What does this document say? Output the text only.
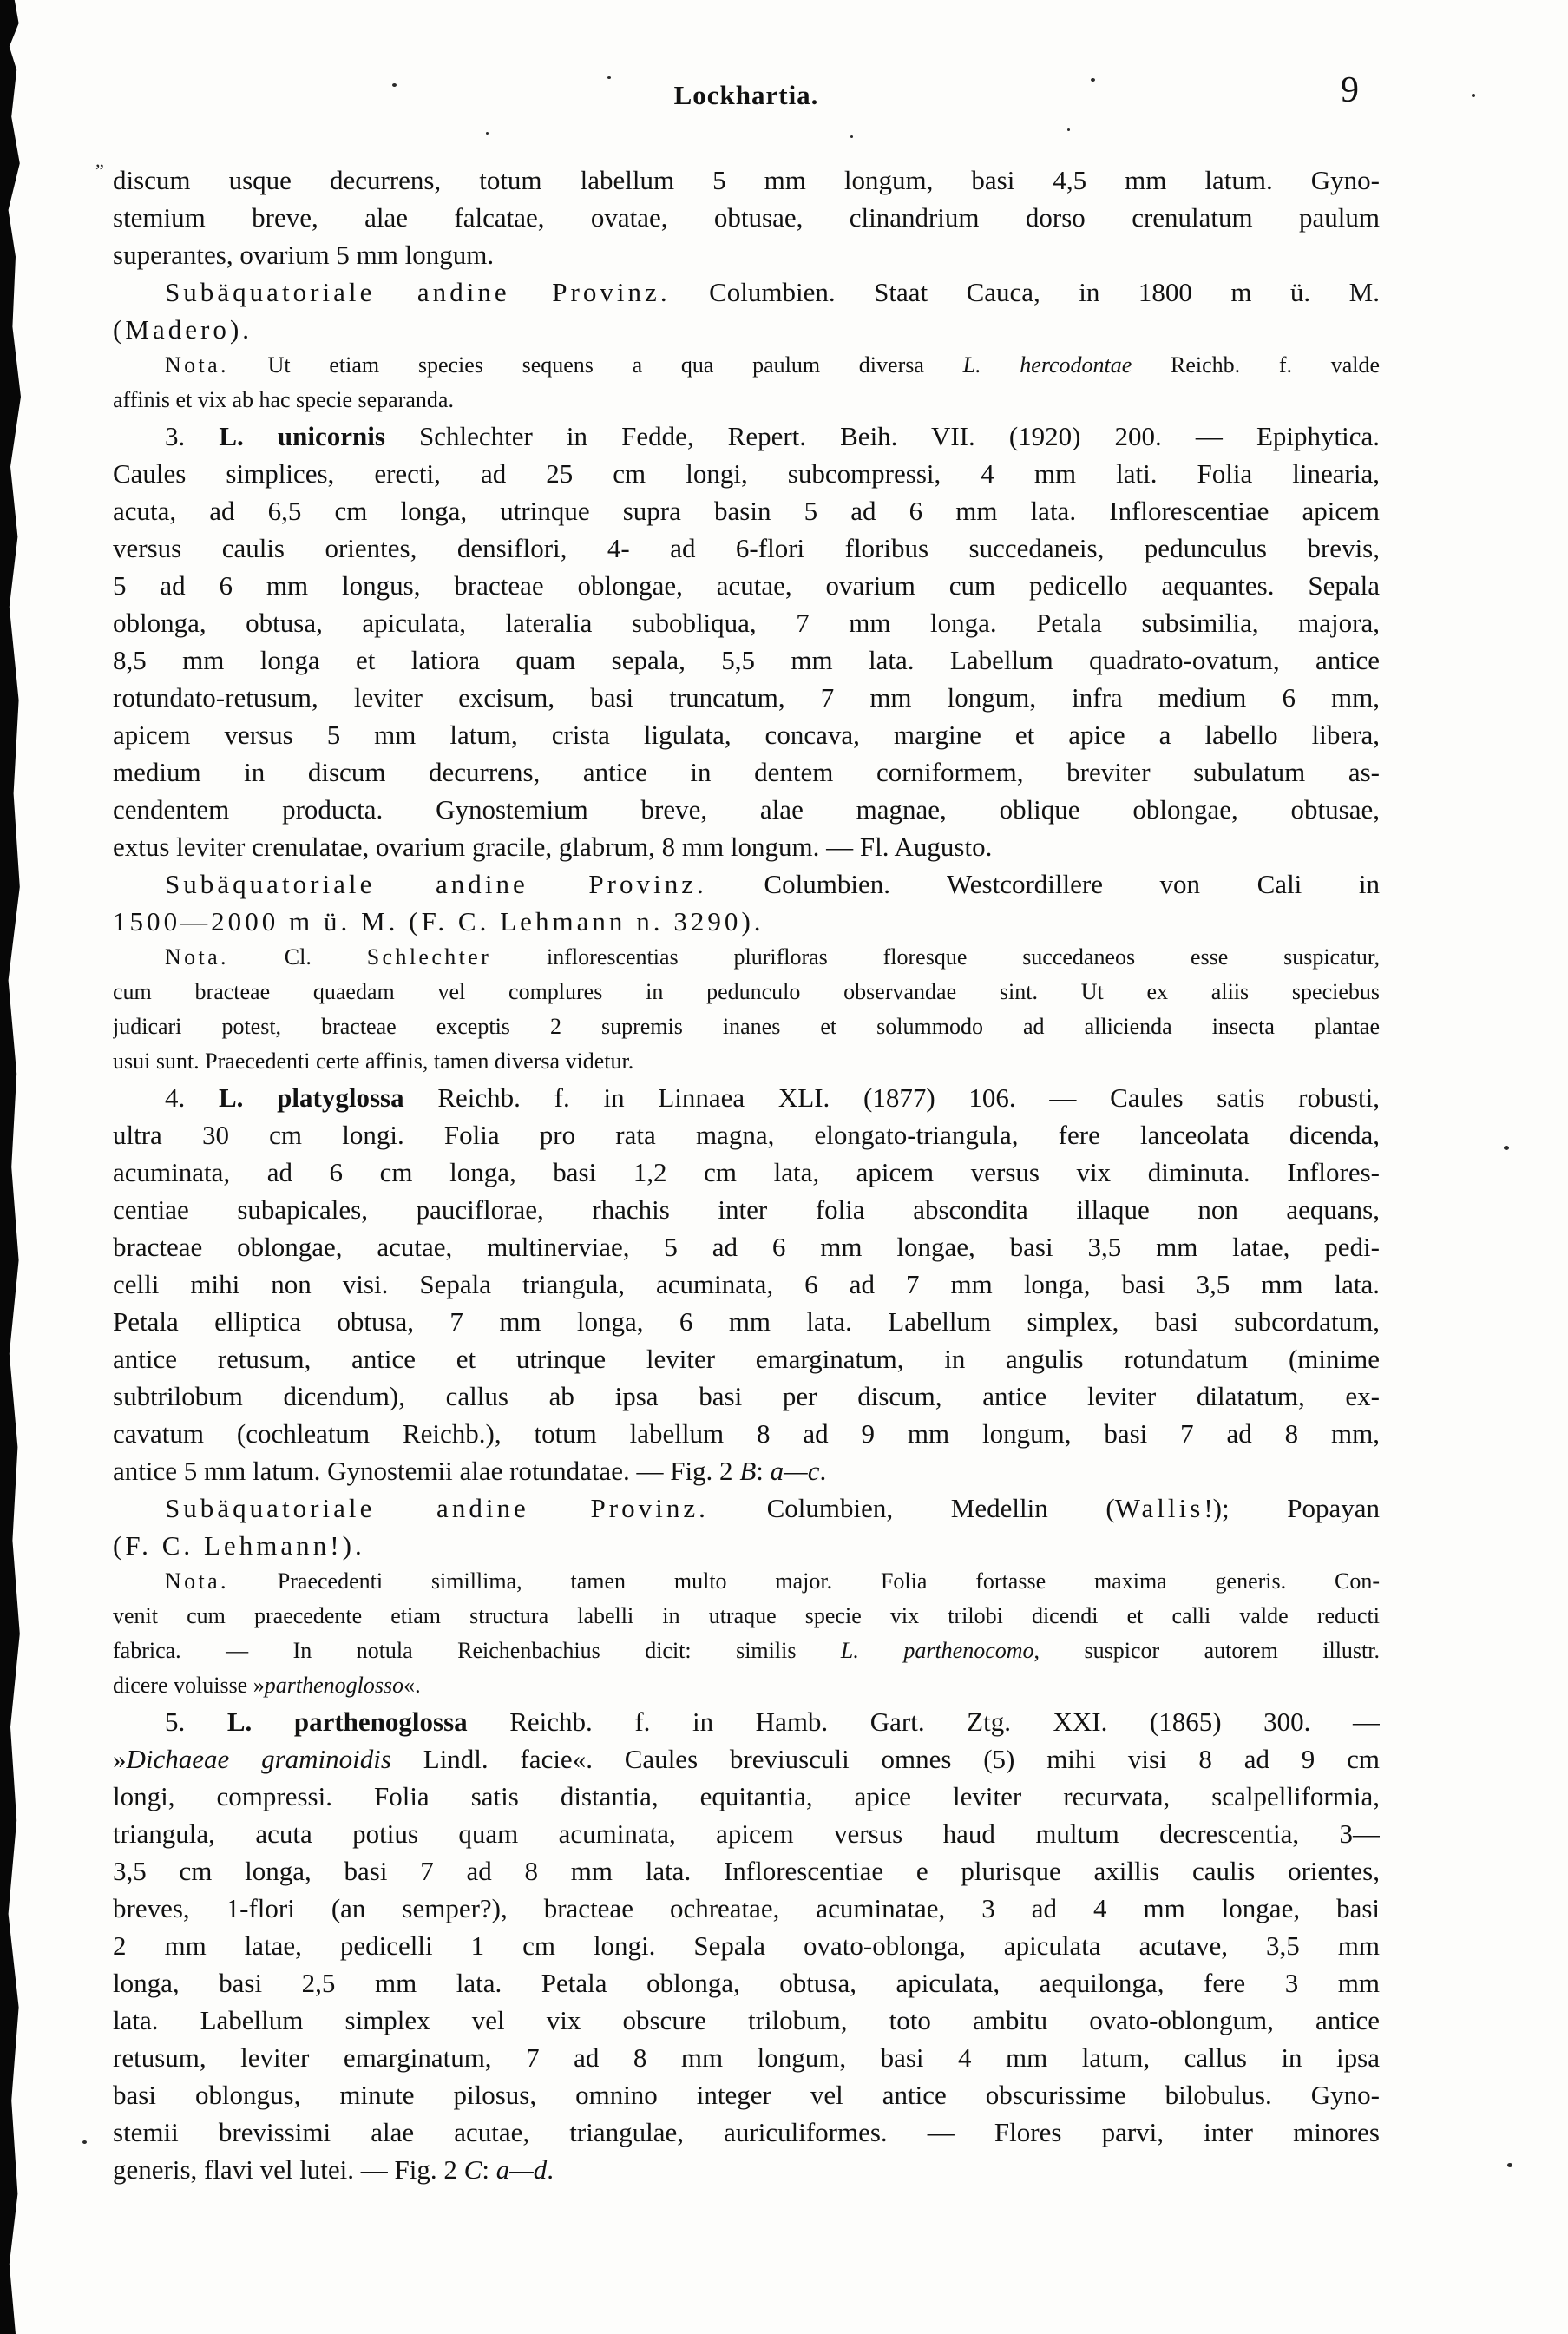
Lockhartia.	9
” discum usque decurrens, totum labellum 5 mm longum, basi 4,5 mm latum. Gyno-
stemium breve, alae falcatae, ovatae, obtusae, clinandrium dorso crenulatum paulum
superantes, ovarium 5 mm longum.
Subäquatoriale andine Provinz. Columbien. Staat Cauca, in 1800 m ü. M.
(Madero).
Nota. Ut etiam species sequens a qua paulum diversa L. hercodontae Reichb. f. valde
affinis et vix ab hac specie separanda.
3. L. unicornis Schlechter in Fedde, Repert. Beih. VII. (1920) 200. — Epiphytica.
Caules simplices, erecti, ad 25 cm longi, subcompressi, 4 mm lati. Folia linearia,
acuta, ad 6,5 cm longa, utrinque supra basin 5 ad 6 mm lata. Inflorescentiae apicem
versus caulis orientes, densiflori, 4- ad 6-flori floribus succedaneis, pedunculus brevis,
5 ad 6 mm longus, bracteae oblongae, acutae, ovarium cum pedicello aequantes. Sepala
oblonga, obtusa, apiculata, lateralia subobliqua, 7 mm longa. Petala subsimilia, majora,
8,5 mm longa et latiora quam sepala, 5,5 mm lata. Labellum quadrato-ovatum, antice
rotundato-retusum, leviter excisum, basi truncatum, 7 mm longum, infra medium 6 mm,
apicem versus 5 mm latum, crista ligulata, concava, margine et apice a labello libera,
medium in discum decurrens, antice in dentem corniformem, breviter subulatum as-
cendentem producta. Gynostemium breve, alae magnae, oblique oblongae, obtusae,
extus leviter crenulatae, ovarium gracile, glabrum, 8 mm longum. — Fl. Augusto.
Subäquatoriale andine Provinz. Columbien. Westcordillere von Cali in
1500—2000 m ü. M. (F. C. Lehmann n. 3290).
Nota. Cl. Schlechter inflorescentias plurifloras floresque succedaneos esse suspicatur,
cum bracteae quaedam vel complures in pedunculo observandae sint. Ut ex aliis speciebus
judicari potest, bracteae exceptis 2 supremis inanes et solummodo ad allicienda insecta plantae
usui sunt. Praecedenti certe affinis, tamen diversa videtur.
4. L. platyglossa Reichb. f. in Linnaea XLI. (1877) 106. — Caules satis robusti,
ultra 30 cm longi. Folia pro rata magna, elongato-triangula, fere lanceolata dicenda,
acuminata, ad 6 cm longa, basi 1,2 cm lata, apicem versus vix diminuta. Inflores-
centiae subapicales, pauciflorae, rhachis inter folia abscondita illaque non aequans,
bracteae oblongae, acutae, multinerviae, 5 ad 6 mm longae, basi 3,5 mm latae, pedi-
celli mihi non visi. Sepala triangula, acuminata, 6 ad 7 mm longa, basi 3,5 mm lata.
Petala elliptica obtusa, 7 mm longa, 6 mm lata. Labellum simplex, basi subcordatum,
antice retusum, antice et utrinque leviter emarginatum, in angulis rotundatum (minime
subtrilobum dicendum), callus ab ipsa basi per discum, antice leviter dilatatum, ex-
cavatum (cochleatum Reichb.), totum labellum 8 ad 9 mm longum, basi 7 ad 8 mm,
antice 5 mm latum. Gynostemii alae rotundatae. — Fig. 2 B: a—c.
Subäquatoriale andine Provinz. Columbien, Medellin (Wallis!); Popayan
(F. C. Lehmann!).
Nota. Praecedenti simillima, tamen multo major. Folia fortasse maxima generis. Con-
venit cum praecedente etiam structura labelli in utraque specie vix trilobi dicendi et calli valde reducti
fabrica. — In notula Reichenbachius dicit: similis L. parthenocomo, suspicor autorem illustr.
dicere voluisse »parthenoglosso«.
5. L. parthenoglossa Reichb. f. in Hamb. Gart. Ztg. XXI. (1865) 300. —
»Dichaeae graminoidis Lindl. facie«. Caules breviusculi omnes (5) mihi visi 8 ad 9 cm
longi, compressi. Folia satis distantia, equitantia, apice leviter recurvata, scalpelliformia,
triangula, acuta potius quam acuminata, apicem versus haud multum decrescentia, 3—
3,5 cm longa, basi 7 ad 8 mm lata. Inflorescentiae e plurisque axillis caulis orientes,
breves, 1-flori (an semper?), bracteae ochreatae, acuminatae, 3 ad 4 mm longae, basi
2 mm latae, pedicelli 1 cm longi. Sepala ovato-oblonga, apiculata acutave, 3,5 mm
longa, basi 2,5 mm lata. Petala oblonga, obtusa, apiculata, aequilonga, fere 3 mm
lata. Labellum simplex vel vix obscure trilobum, toto ambitu ovato-oblongum, antice
retusum, leviter emarginatum, 7 ad 8 mm longum, basi 4 mm latum, callus in ipsa
basi oblongus, minute pilosus, omnino integer vel antice obscurissime bilobulus. Gyno-
stemii brevissimi alae acutae, triangulae, auriculiformes. — Flores parvi, inter minores
generis, flavi vel lutei. — Fig. 2 C: a—d.
